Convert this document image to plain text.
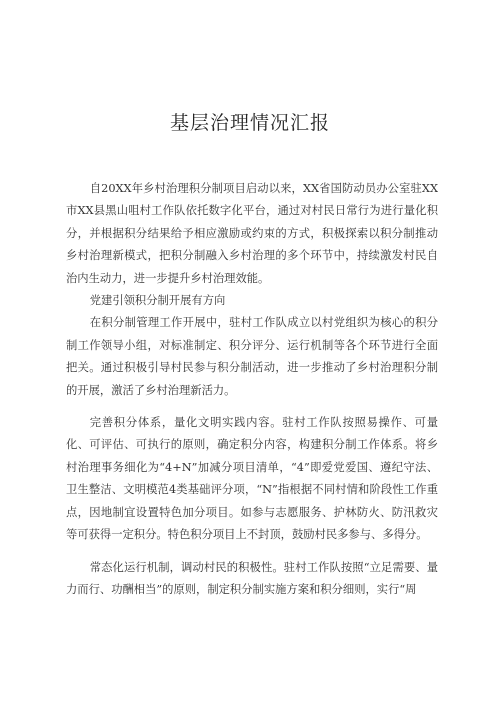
基层治理情况汇报

自20XX年乡村治理积分制项目启动以来，XX省国防动员办公室驻XX市XX县黑山咀村工作队依托数字化平台，通过对村民日常行为进行量化积分，并根据积分结果给予相应激励或约束的方式，积极探索以积分制推动乡村治理新模式，把积分制融入乡村治理的多个环节中，持续激发村民自治内生动力，进一步提升乡村治理效能。

党建引领积分制开展有方向

在积分制管理工作开展中，驻村工作队成立以村党组织为核心的积分制工作领导小组，对标准制定、积分评分、运行机制等各个环节进行全面把关。通过积极引导村民参与积分制活动，进一步推动了乡村治理积分制的开展，激活了乡村治理新活力。

完善积分体系，量化文明实践内容。驻村工作队按照易操作、可量化、可评估、可执行的原则，确定积分内容，构建积分制工作体系。将乡村治理事务细化为“4+N”加减分项目清单，“4”即爱党爱国、遵纪守法、卫生整洁、文明模范4类基础评分项，“N”指根据不同村情和阶段性工作重点，因地制宜设置特色加分项目。如参与志愿服务、护林防火、防汛救灾等可获得一定积分。特色积分项目上不封顶，鼓励村民多参与、多得分。

常态化运行机制，调动村民的积极性。驻村工作队按照“立足需要、量力而行、功酬相当”的原则，制定积分制实施方案和积分细则，实行“周
